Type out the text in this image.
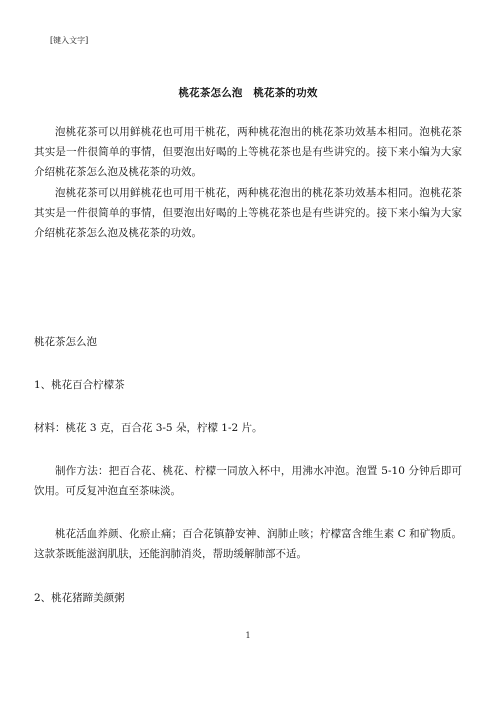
[键入文字]
桃花茶怎么泡　桃花茶的功效

泡桃花茶可以用鲜桃花也可用干桃花，两种桃花泡出的桃花茶功效基本相同。泡桃花茶其实是一件很简单的事情，但要泡出好喝的上等桃花茶也是有些讲究的。接下来小编为大家介绍桃花茶怎么泡及桃花茶的功效。

泡桃花茶可以用鲜桃花也可用干桃花，两种桃花泡出的桃花茶功效基本相同。泡桃花茶其实是一件很简单的事情，但要泡出好喝的上等桃花茶也是有些讲究的。接下来小编为大家介绍桃花茶怎么泡及桃花茶的功效。

桃花茶怎么泡
1、桃花百合柠檬茶
材料：桃花 3 克，百合花 3-5 朵，柠檬 1-2 片。

制作方法：把百合花、桃花、柠檬一同放入杯中，用沸水冲泡。泡置 5-10 分钟后即可饮用。可反复冲泡直至茶味淡。

桃花活血养颜、化瘀止痛；百合花镇静安神、润肺止咳；柠檬富含维生素 C 和矿物质。这款茶既能滋润肌肤，还能润肺消炎，帮助缓解肺部不适。

2、桃花猪蹄美颜粥
1
